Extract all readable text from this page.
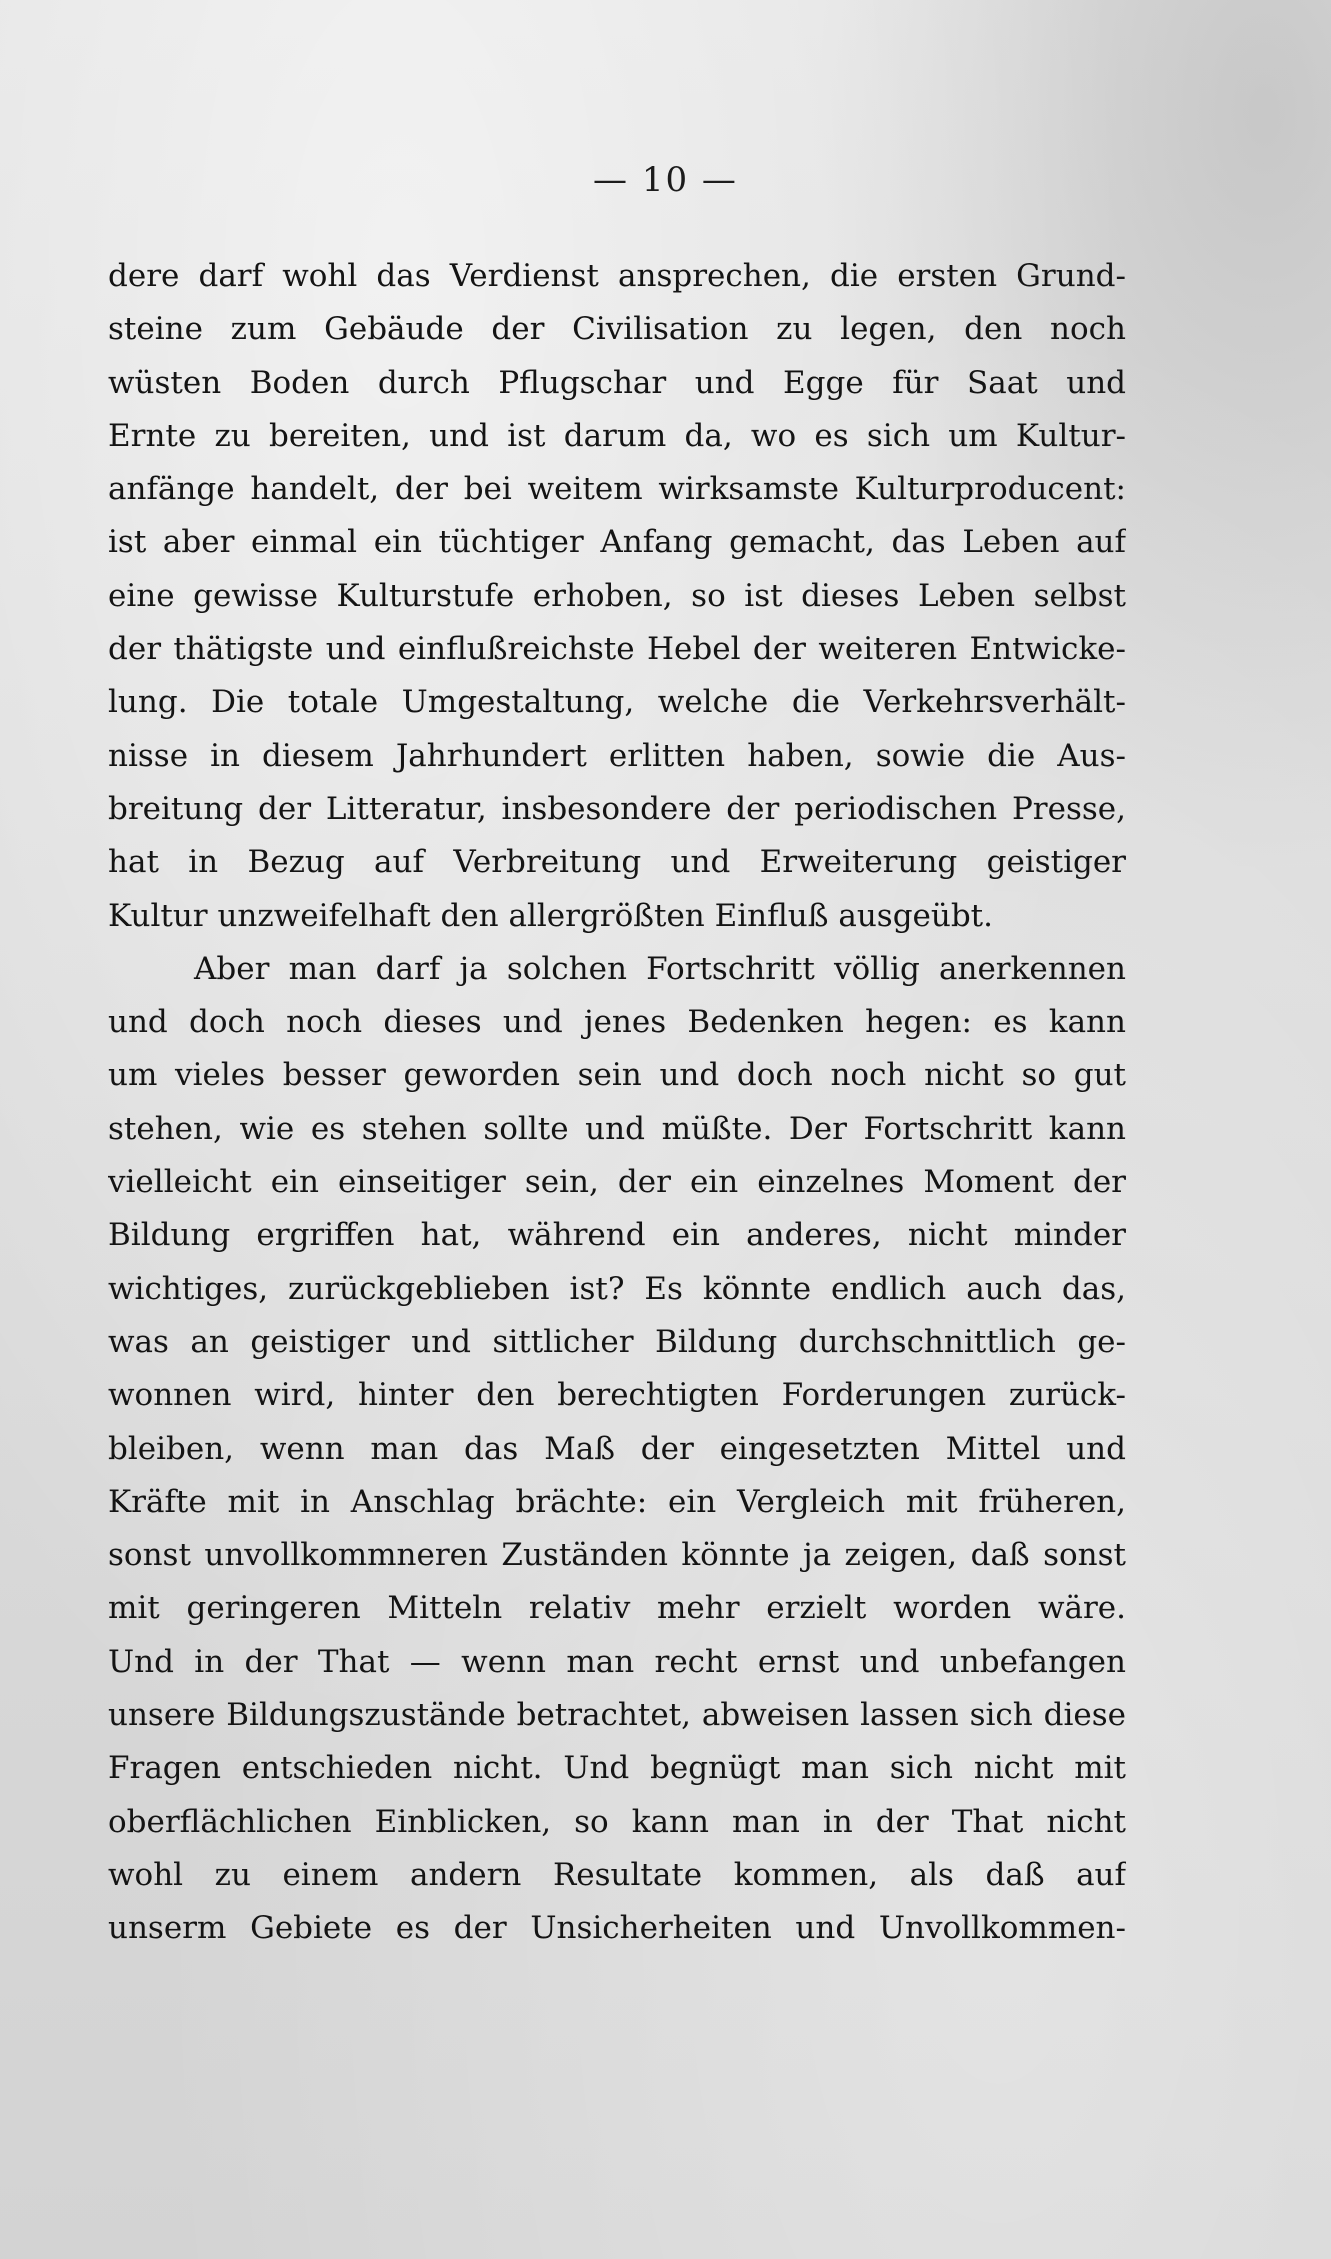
— 10 —
dere darf wohl das Verdienst ansprechen, die ersten Grund-
steine zum Gebäude der Civilisation zu legen, den noch
wüsten Boden durch Pflugschar und Egge für Saat und
Ernte zu bereiten, und ist darum da, wo es sich um Kultur-
anfänge handelt, der bei weitem wirksamste Kulturproducent:
ist aber einmal ein tüchtiger Anfang gemacht, das Leben auf
eine gewisse Kulturstufe erhoben, so ist dieses Leben selbst
der thätigste und einflußreichste Hebel der weiteren Entwicke-
lung. Die totale Umgestaltung, welche die Verkehrsverhält-
nisse in diesem Jahrhundert erlitten haben, sowie die Aus-
breitung der Litteratur, insbesondere der periodischen Presse,
hat in Bezug auf Verbreitung und Erweiterung geistiger
Kultur unzweifelhaft den allergrößten Einfluß ausgeübt.
Aber man darf ja solchen Fortschritt völlig anerkennen
und doch noch dieses und jenes Bedenken hegen: es kann
um vieles besser geworden sein und doch noch nicht so gut
stehen, wie es stehen sollte und müßte. Der Fortschritt kann
vielleicht ein einseitiger sein, der ein einzelnes Moment der
Bildung ergriffen hat, während ein anderes, nicht minder
wichtiges, zurückgeblieben ist? Es könnte endlich auch das,
was an geistiger und sittlicher Bildung durchschnittlich ge-
wonnen wird, hinter den berechtigten Forderungen zurück-
bleiben, wenn man das Maß der eingesetzten Mittel und
Kräfte mit in Anschlag brächte: ein Vergleich mit früheren,
sonst unvollkommneren Zuständen könnte ja zeigen, daß sonst
mit geringeren Mitteln relativ mehr erzielt worden wäre.
Und in der That — wenn man recht ernst und unbefangen
unsere Bildungszustände betrachtet, abweisen lassen sich diese
Fragen entschieden nicht. Und begnügt man sich nicht mit
oberflächlichen Einblicken, so kann man in der That nicht
wohl zu einem andern Resultate kommen, als daß auf
unserm Gebiete es der Unsicherheiten und Unvollkommen-
